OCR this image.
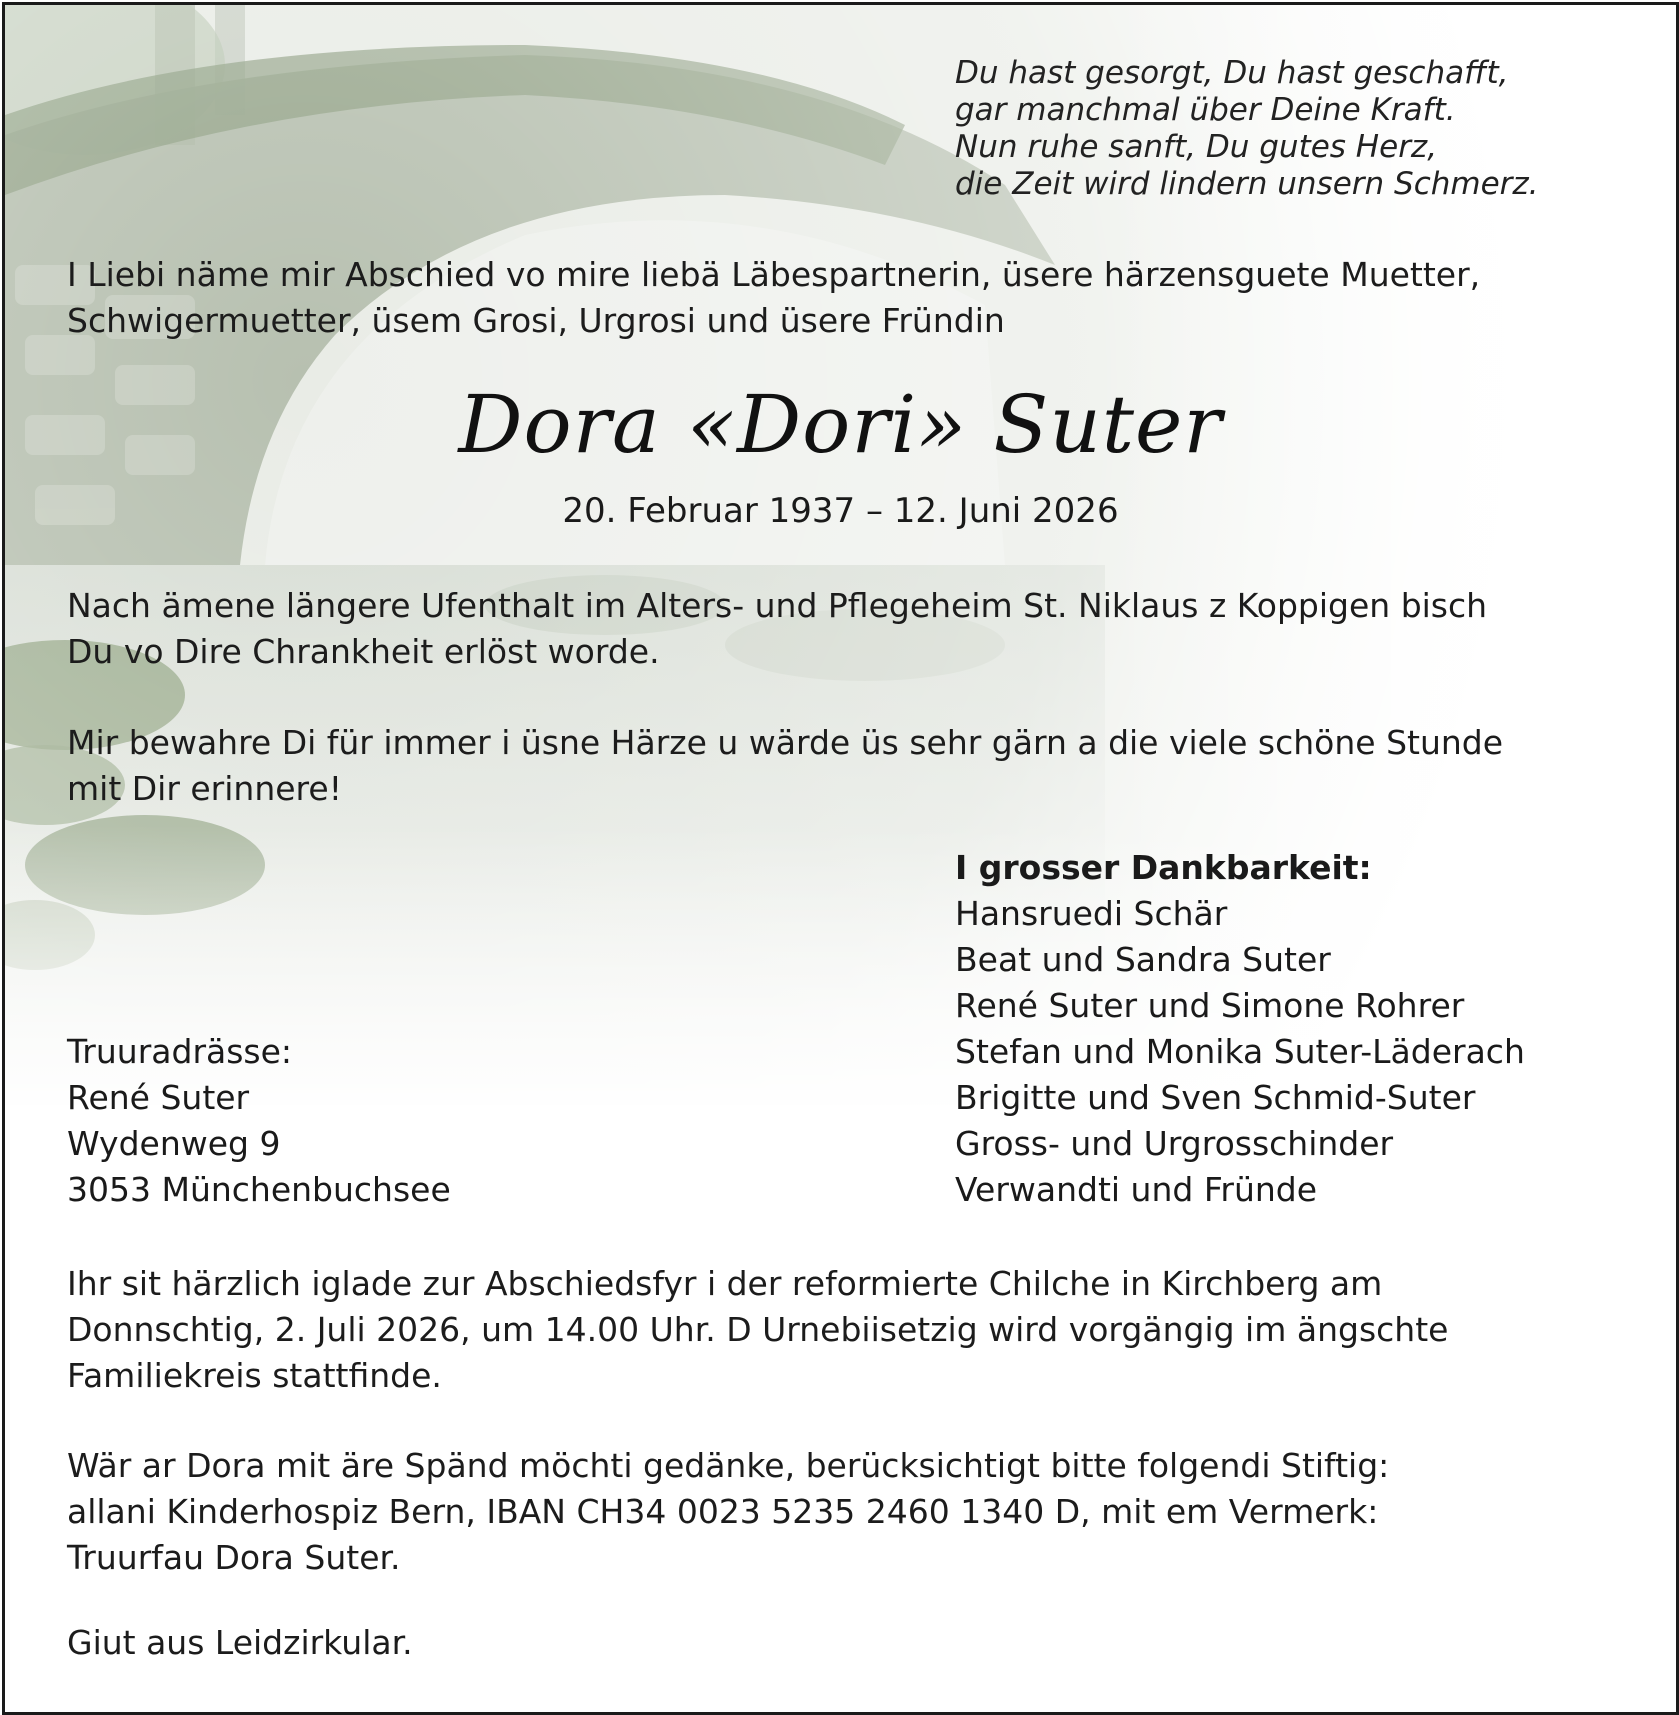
Du hast gesorgt, Du hast geschafft,
gar manchmal über Deine Kraft.
Nun ruhe sanft, Du gutes Herz,
die Zeit wird lindern unsern Schmerz.
I Liebi näme mir Abschied vo mire liebä Läbespartnerin, üsere härzensguete Muetter,
Schwigermuetter, üsem Grosi, Urgrosi und üsere Fründin
Dora «Dori» Suter
20. Februar 1937 – 12. Juni 2026
Nach ämene längere Ufenthalt im Alters- und Pflegeheim St. Niklaus z Koppigen bisch
Du vo Dire Chrankheit erlöst worde.
Mir bewahre Di für immer i üsne Härze u wärde üs sehr gärn a die viele schöne Stunde
mit Dir erinnere!
I grosser Dankbarkeit:
Hansruedi Schär
Beat und Sandra Suter
René Suter und Simone Rohrer
Stefan und Monika Suter-Läderach
Brigitte und Sven Schmid-Suter
Gross- und Urgrosschinder
Verwandti und Fründe
Truuradrässe:
René Suter
Wydenweg 9
3053 Münchenbuchsee
Ihr sit härzlich iglade zur Abschiedsfyr i der reformierte Chilche in Kirchberg am
Donnschtig, 2. Juli 2026, um 14.00 Uhr. D Urnebiisetzig wird vorgängig im ängschte
Familiekreis stattfinde.
Wär ar Dora mit äre Spänd möchti gedänke, berücksichtigt bitte folgendi Stiftig:
allani Kinderhospiz Bern, IBAN CH34 0023 5235 2460 1340 D, mit em Vermerk:
Truurfau Dora Suter.
Giut aus Leidzirkular.
